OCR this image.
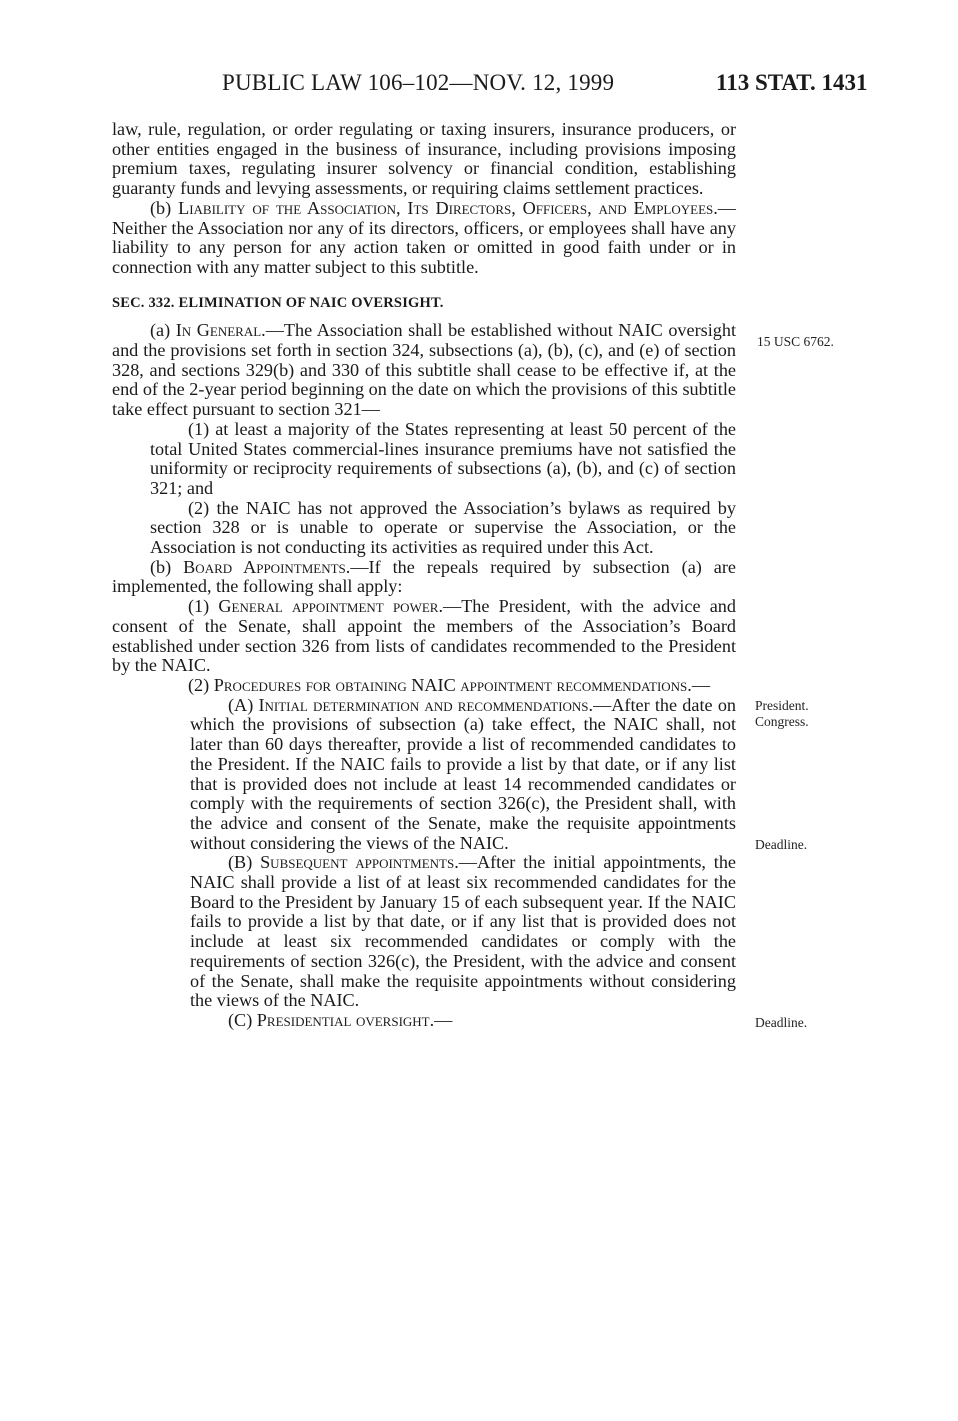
PUBLIC LAW 106–102—NOV. 12, 1999	113 STAT. 1431

law, rule, regulation, or order regulating or taxing insurers, insurance producers, or other entities engaged in the business of insurance, including provisions imposing premium taxes, regulating insurer solvency or financial condition, establishing guaranty funds and levying assessments, or requiring claims settlement practices.

(b) Liability of the Association, Its Directors, Officers, and Employees.—Neither the Association nor any of its directors, officers, or employees shall have any liability to any person for any action taken or omitted in good faith under or in connection with any matter subject to this subtitle.

SEC. 332. ELIMINATION OF NAIC OVERSIGHT.

(a) In General.—The Association shall be established without NAIC oversight and the provisions set forth in section 324, subsections (a), (b), (c), and (e) of section 328, and sections 329(b) and 330 of this subtitle shall cease to be effective if, at the end of the 2-year period beginning on the date on which the provisions of this subtitle take effect pursuant to section 321—

(1) at least a majority of the States representing at least 50 percent of the total United States commercial-lines insurance premiums have not satisfied the uniformity or reciprocity requirements of subsections (a), (b), and (c) of section 321; and

(2) the NAIC has not approved the Association’s bylaws as required by section 328 or is unable to operate or supervise the Association, or the Association is not conducting its activities as required under this Act.

(b) Board Appointments.—If the repeals required by subsection (a) are implemented, the following shall apply:

(1) General appointment power.—The President, with the advice and consent of the Senate, shall appoint the members of the Association’s Board established under section 326 from lists of candidates recommended to the President by the NAIC.

(2) Procedures for obtaining NAIC appointment recommendations.—

(A) Initial determination and recommendations.—After the date on which the provisions of subsection (a) take effect, the NAIC shall, not later than 60 days thereafter, provide a list of recommended candidates to the President. If the NAIC fails to provide a list by that date, or if any list that is provided does not include at least 14 recommended candidates or comply with the requirements of section 326(c), the President shall, with the advice and consent of the Senate, make the requisite appointments without considering the views of the NAIC.

(B) Subsequent appointments.—After the initial appointments, the NAIC shall provide a list of at least six recommended candidates for the Board to the President by January 15 of each subsequent year. If the NAIC fails to provide a list by that date, or if any list that is provided does not include at least six recommended candidates or comply with the requirements of section 326(c), the President, with the advice and consent of the Senate, shall make the requisite appointments without considering the views of the NAIC.

(C) Presidential oversight.—

15 USC 6762.
President.
Congress.
Deadline.
Deadline.
